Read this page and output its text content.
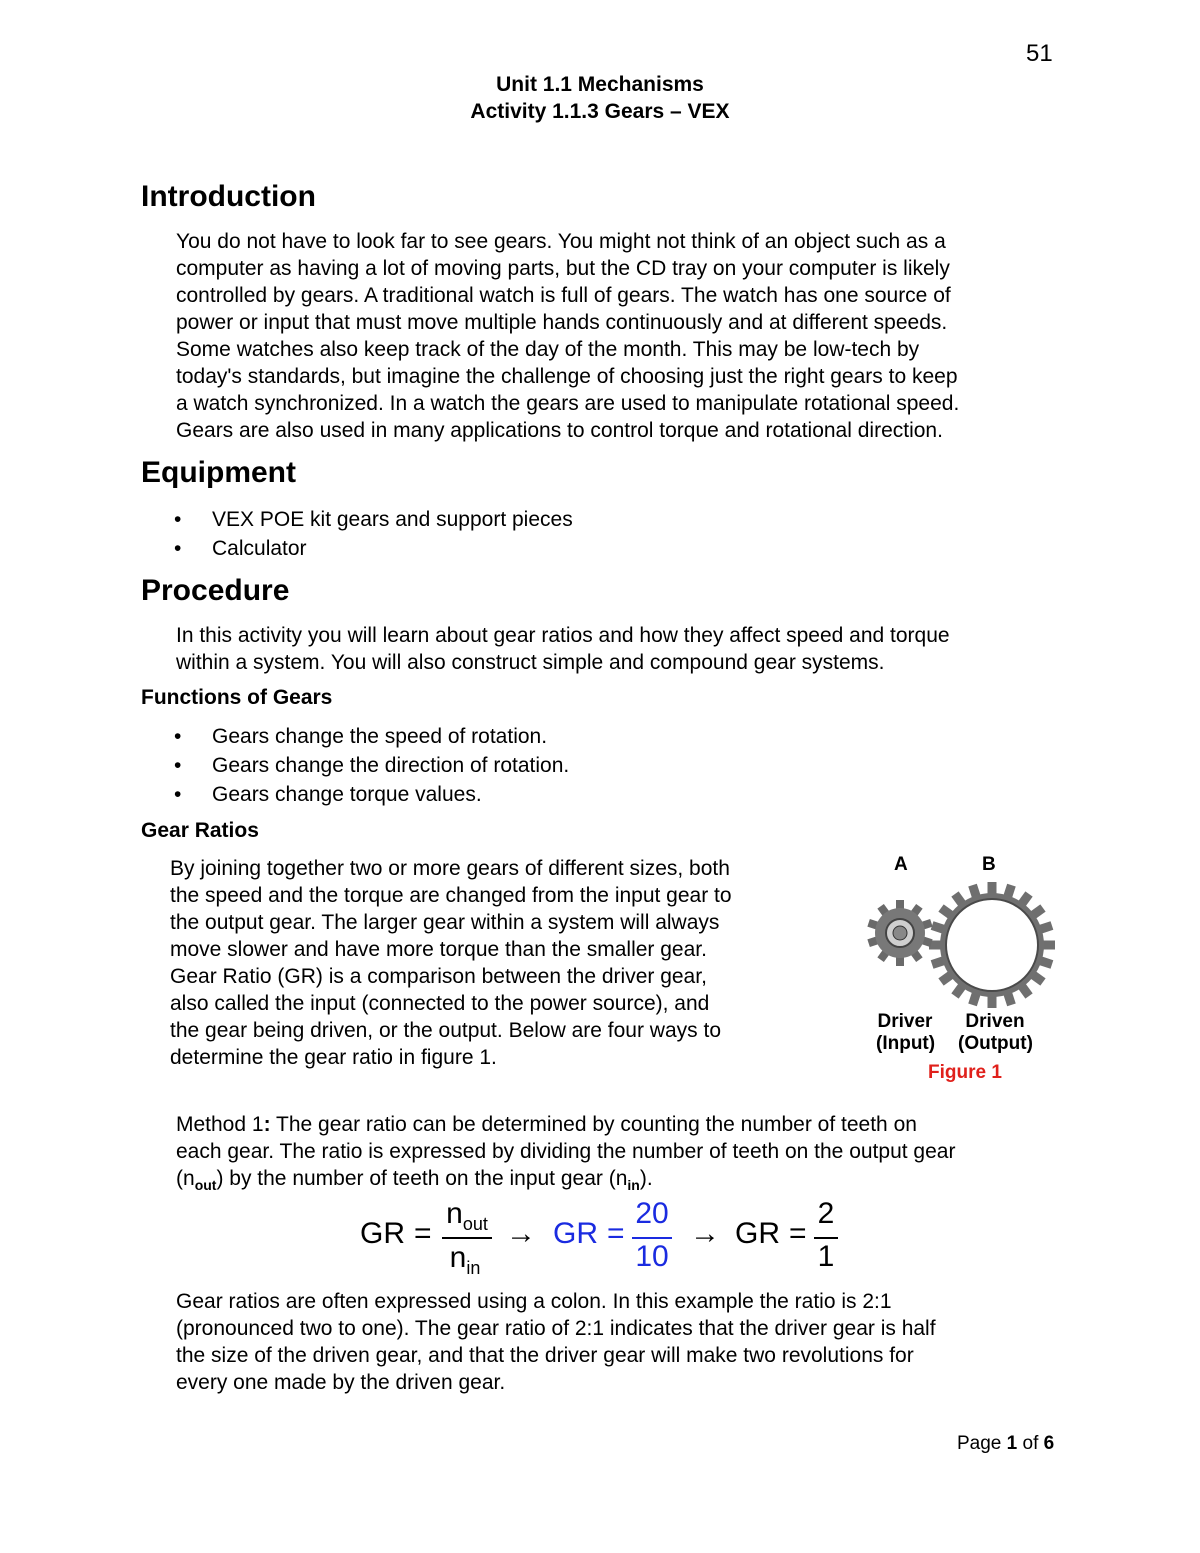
51
Unit 1.1 Mechanisms
Activity 1.1.3 Gears – VEX
Introduction
You do not have to look far to see gears. You might not think of an object such as a
computer as having a lot of moving parts, but the CD tray on your computer is likely
controlled by gears. A traditional watch is full of gears. The watch has one source of
power or input that must move multiple hands continuously and at different speeds.
Some watches also keep track of the day of the month. This may be low-tech by
today's standards, but imagine the challenge of choosing just the right gears to keep
a watch synchronized. In a watch the gears are used to manipulate rotational speed.
Gears are also used in many applications to control torque and rotational direction.
Equipment
• VEX POE kit gears and support pieces
• Calculator
Procedure
In this activity you will learn about gear ratios and how they affect speed and torque
within a system. You will also construct simple and compound gear systems.
Functions of Gears
• Gears change the speed of rotation.
• Gears change the direction of rotation.
• Gears change torque values.
Gear Ratios
By joining together two or more gears of different sizes, both
the speed and the torque are changed from the input gear to
the output gear. The larger gear within a system will always
move slower and have more torque than the smaller gear.
Gear Ratio (GR) is a comparison between the driver gear,
also called the input (connected to the power source), and
the gear being driven, or the output. Below are four ways to
determine the gear ratio in figure 1.
A	B
Driver
(Input)
Driven
(Output)
Figure 1
Method 1: The gear ratio can be determined by counting the number of teeth on
each gear. The ratio is expressed by dividing the number of teeth on the output gear
$(n_{out})$ by the number of teeth on the input gear $(n_{in})$.
GR =
$n_{out}$
$n_{in}$
→ GR =
20
10
→ GR =
2
1
Gear ratios are often expressed using a colon. In this example the ratio is 2:1
(pronounced two to one). The gear ratio of 2:1 indicates that the driver gear is half
the size of the driven gear, and that the driver gear will make two revolutions for
every one made by the driven gear.
Page 1 of 6
